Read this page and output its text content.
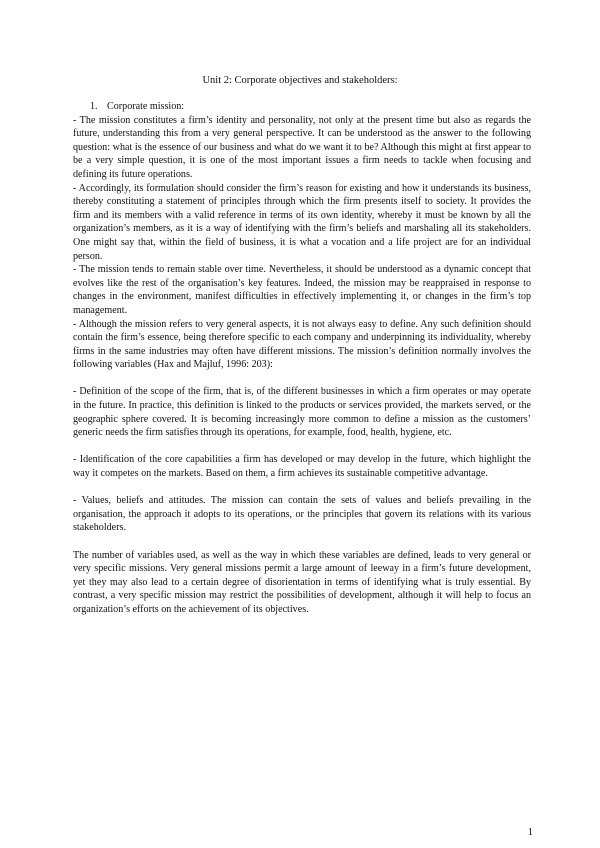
Unit 2: Corporate objectives and stakeholders:
1. Corporate mission:

- The mission constitutes a firm’s identity and personality, not only at the present time but also as regards the future, understanding this from a very general perspective. It can be understood as the answer to the following question: what is the essence of our business and what do we want it to be? Although this might at first appear to be a very simple question, it is one of the most important issues a firm needs to tackle when focusing and defining its future operations.

- Accordingly, its formulation should consider the firm’s reason for existing and how it understands its business, thereby constituting a statement of principles through which the firm presents itself to society. It provides the firm and its members with a valid reference in terms of its own identity, whereby it must be known by all the organization’s members, as it is a way of identifying with the firm’s beliefs and marshaling all its stakeholders. One might say that, within the field of business, it is what a vocation and a life project are for an individual person.

- The mission tends to remain stable over time. Nevertheless, it should be understood as a dynamic concept that evolves like the rest of the organisation’s key features. Indeed, the mission may be reappraised in response to changes in the environment, manifest difficulties in effectively implementing it, or changes in the firm’s top management.

- Although the mission refers to very general aspects, it is not always easy to define. Any such definition should contain the firm’s essence, being therefore specific to each company and underpinning its individuality, whereby firms in the same industries may often have different missions. The mission’s definition normally involves the following variables (Hax and Majluf, 1996: 203):

- Definition of the scope of the firm, that is, of the different businesses in which a firm operates or may operate in the future. In practice, this definition is linked to the products or services provided, the markets served, or the geographic sphere covered. It is becoming increasingly more common to define a mission as the customers’ generic needs the firm satisfies through its operations, for example, food, health, hygiene, etc.

- Identification of the core capabilities a firm has developed or may develop in the future, which highlight the way it competes on the markets. Based on them, a firm achieves its sustainable competitive advantage.

- Values, beliefs and attitudes. The mission can contain the sets of values and beliefs prevailing in the organisation, the approach it adopts to its operations, or the principles that govern its relations with its various stakeholders.

The number of variables used, as well as the way in which these variables are defined, leads to very general or very specific missions. Very general missions permit a large amount of leeway in a firm’s future development, yet they may also lead to a certain degree of disorientation in terms of identifying what is truly essential. By contrast, a very specific mission may restrict the possibilities of development, although it will help to focus an organization’s efforts on the achievement of its objectives.

1
